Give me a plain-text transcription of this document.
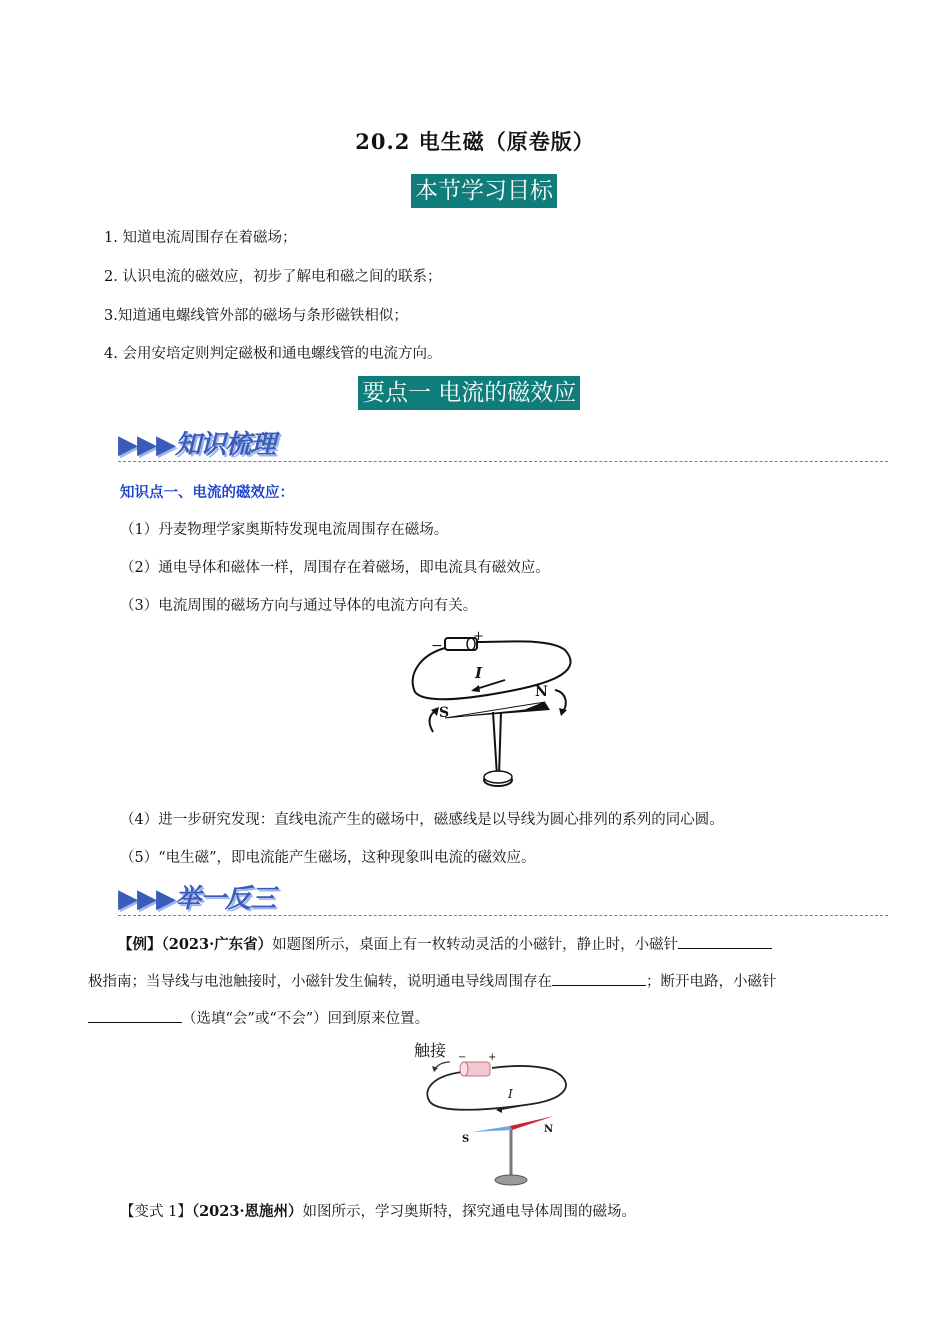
20.2 电生磁（原卷版）
本节学习目标
1. 知道电流周围存在着磁场；
2. 认识电流的磁效应，初步了解电和磁之间的联系；
3.知道通电螺线管外部的磁场与条形磁铁相似；
4. 会用安培定则判定磁极和通电螺线管的电流方向。
要点一 电流的磁效应
▶▶▶知识梳理
知识点一、电流的磁效应：
（1）丹麦物理学家奥斯特发现电流周围存在磁场。
（2）通电导体和磁体一样，周围存在着磁场，即电流具有磁效应。
（3）电流周围的磁场方向与通过导体的电流方向有关。
−
+
I
S
N
（4）进一步研究发现：直线电流产生的磁场中，磁感线是以导线为圆心排列的系列的同心圆。
（5）“电生磁”，即电流能产生磁场，这种现象叫电流的磁效应。
▶▶▶举一反三
【例】（2023·广东省）如题图所示，桌面上有一枚转动灵活的小磁针，静止时，小磁针
极指南；当导线与电池触接时，小磁针发生偏转，说明通电导线周围存在	；断开电路，小磁针
（选填“会”或“不会”）回到原来位置。
触接 − +
I
S
N
【变式 1】（2023·恩施州）如图所示，学习奥斯特，探究通电导体周围的磁场。
